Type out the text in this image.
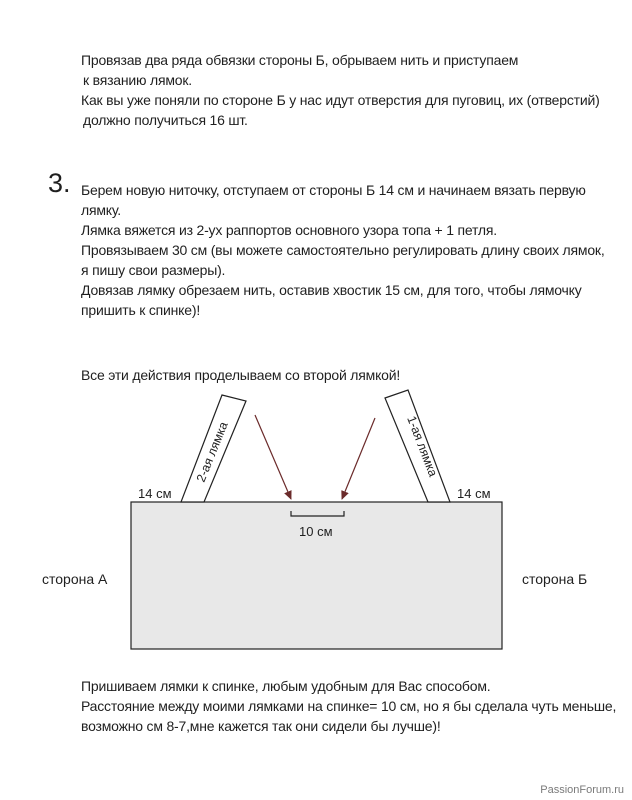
Провязав два ряда обвязки стороны Б, обрываем нить и приступаем
к вязанию лямок.
Как вы уже поняли по стороне Б у нас идут отверстия для пуговиц, их (отверстий)
должно получиться 16 шт.
3. Берем новую ниточку, отступаем от стороны Б 14 см и начинаем вязать первую
лямку.
Лямка вяжется из 2-ух раппортов основного узора топа + 1 петля.
Провязываем 30 см (вы можете самостоятельно регулировать длину своих лямок,
я пишу свои размеры).
Довязав лямку обрезаем нить, оставив хвостик 15 см, для того, чтобы лямочку
пришить к спинке)!
Все эти действия проделываем со второй лямкой!
2-ая лямка	1-ая лямка
14 см	14 см
10 см
сторона А	сторона Б
Пришиваем лямки к спинке, любым удобным для Вас способом.
Расстояние между моими лямками на спинке= 10 см, но я бы сделала чуть меньше,
возможно см 8-7,мне кажется так они сидели бы лучше)!
PassionForum.ru
